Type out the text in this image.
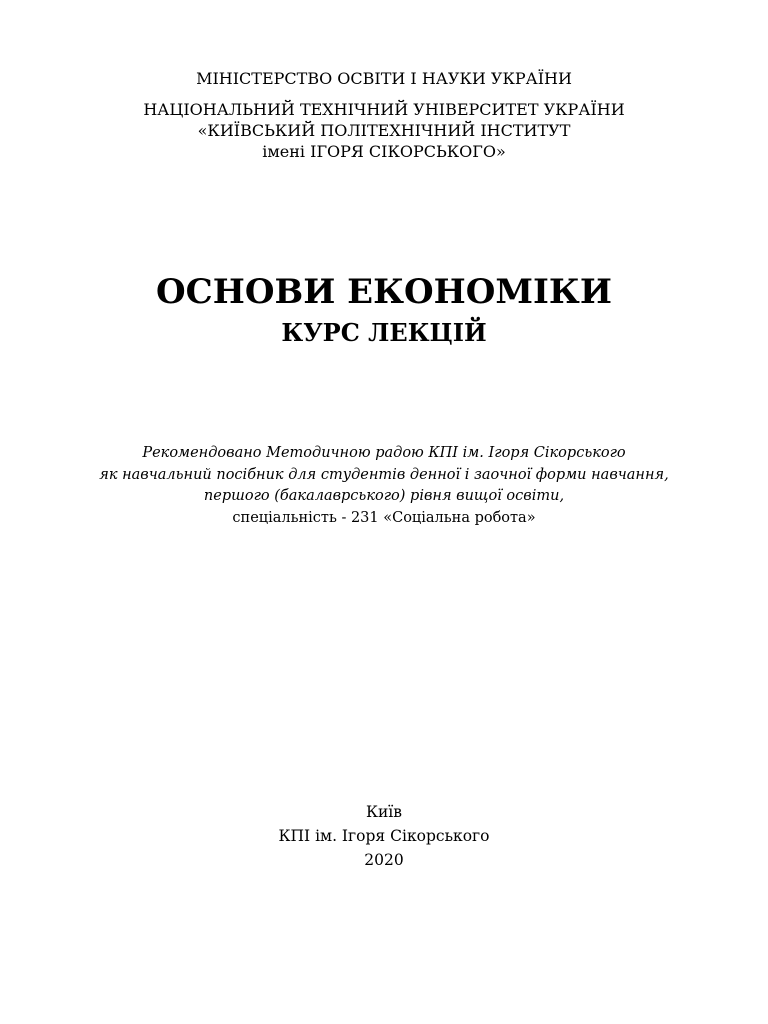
МІНІСТЕРСТВО ОСВІТИ І НАУКИ УКРАЇНИ
НАЦІОНАЛЬНИЙ ТЕХНІЧНИЙ УНІВЕРСИТЕТ УКРАЇНИ
«КИЇВСЬКИЙ ПОЛІТЕХНІЧНИЙ ІНСТИТУТ
імені ІГОРЯ СІКОРСЬКОГО»
ОСНОВИ ЕКОНОМІКИ
КУРС ЛЕКЦІЙ
Рекомендовано Методичною радою КПІ ім. Ігоря Сікорського
як навчальний посібник для студентів денної і заочної форми навчання,
першого (бакалаврського) рівня вищої освіти,
спеціальність - 231 «Соціальна робота»
Київ
КПІ ім. Ігоря Сікорського
2020
